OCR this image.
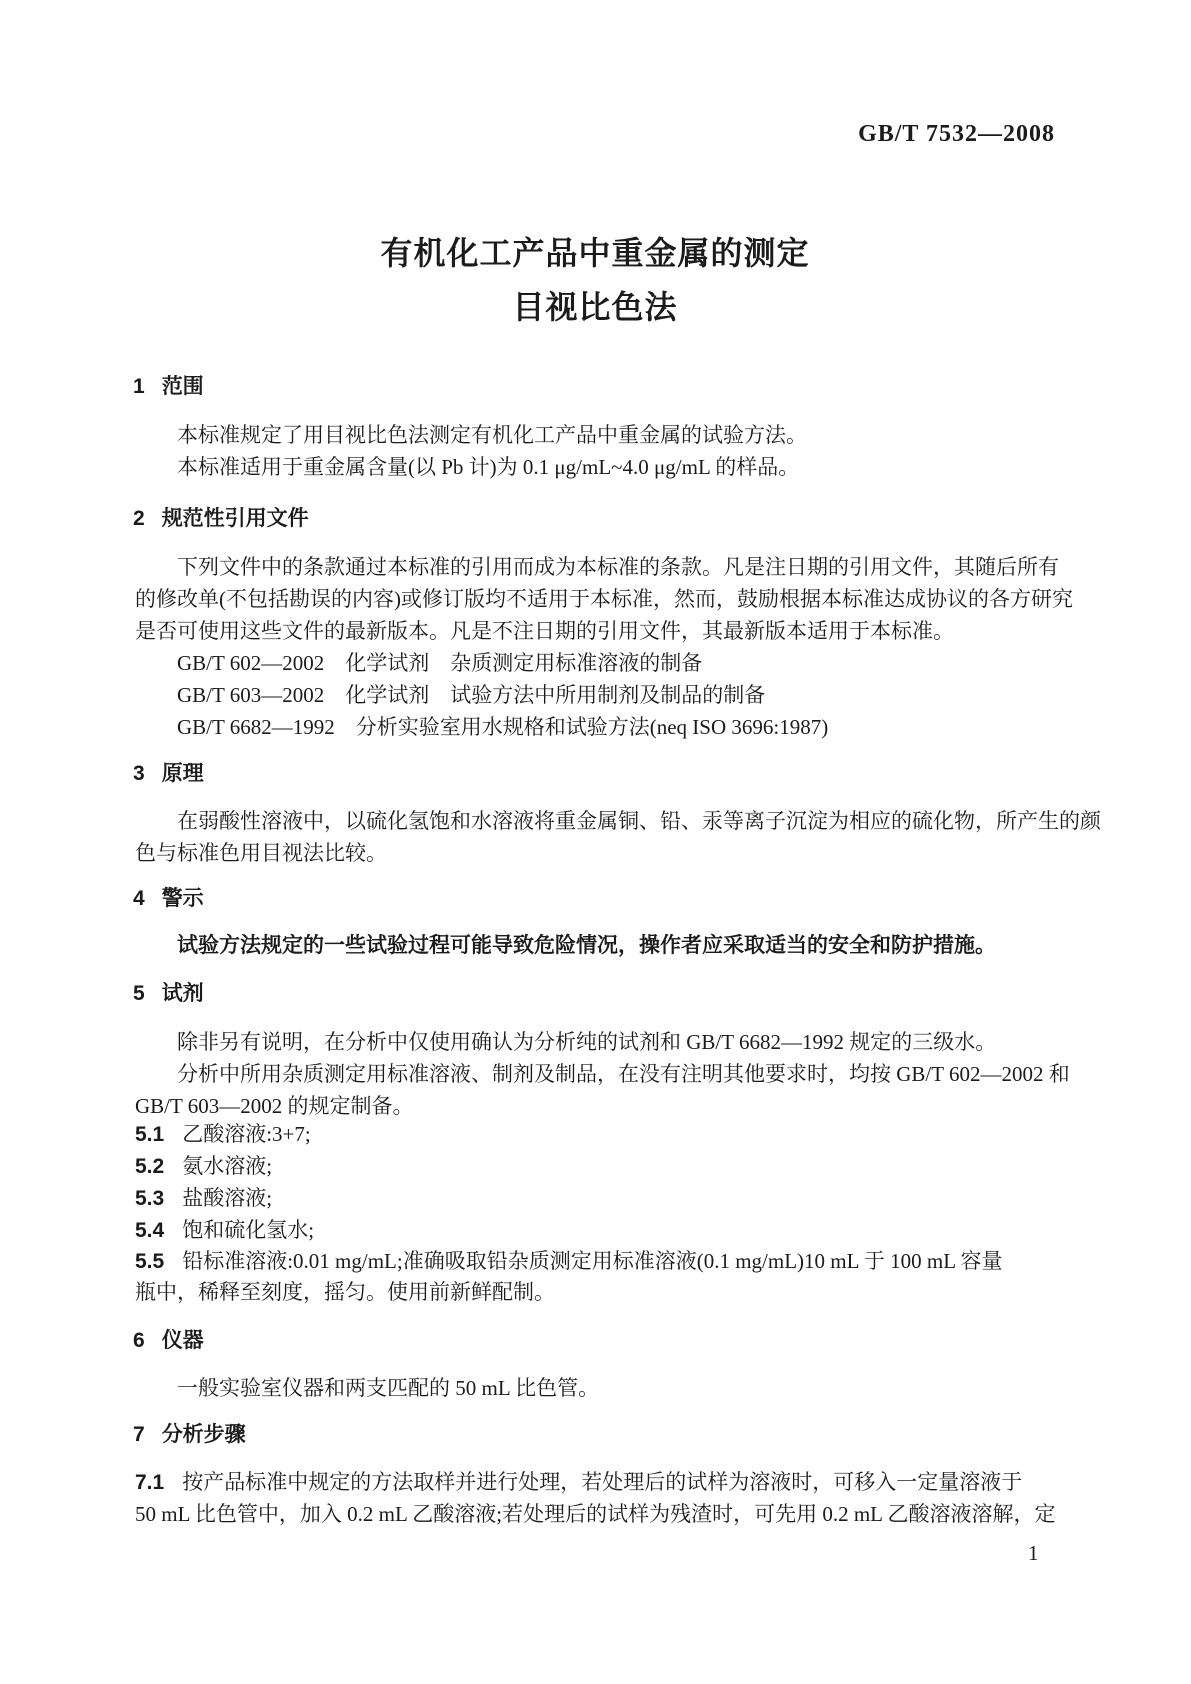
GB/T 7532—2008
有机化工产品中重金属的测定
目视比色法
1 范围
本标准规定了用目视比色法测定有机化工产品中重金属的试验方法。
本标准适用于重金属含量(以 Pb 计)为 0.1 μg/mL~4.0 μg/mL 的样品。
2 规范性引用文件
下列文件中的条款通过本标准的引用而成为本标准的条款。凡是注日期的引用文件，其随后所有
的修改单(不包括勘误的内容)或修订版均不适用于本标准，然而，鼓励根据本标准达成协议的各方研究
是否可使用这些文件的最新版本。凡是不注日期的引用文件，其最新版本适用于本标准。
GB/T 602—2002　化学试剂　杂质测定用标准溶液的制备
GB/T 603—2002　化学试剂　试验方法中所用制剂及制品的制备
GB/T 6682—1992　分析实验室用水规格和试验方法(neq ISO 3696:1987)
3 原理
在弱酸性溶液中，以硫化氢饱和水溶液将重金属铜、铅、汞等离子沉淀为相应的硫化物，所产生的颜
色与标准色用目视法比较。
4 警示
试验方法规定的一些试验过程可能导致危险情况，操作者应采取适当的安全和防护措施。
5 试剂
除非另有说明，在分析中仅使用确认为分析纯的试剂和 GB/T 6682—1992 规定的三级水。
分析中所用杂质测定用标准溶液、制剂及制品，在没有注明其他要求时，均按 GB/T 602—2002 和
GB/T 603—2002 的规定制备。
5.1 乙酸溶液:3+7;
5.2 氨水溶液;
5.3 盐酸溶液;
5.4 饱和硫化氢水;
5.5 铅标准溶液:0.01 mg/mL;准确吸取铅杂质测定用标准溶液(0.1 mg/mL)10 mL 于 100 mL 容量
瓶中，稀释至刻度，摇匀。使用前新鲜配制。
6 仪器
一般实验室仪器和两支匹配的 50 mL 比色管。
7 分析步骤
7.1 按产品标准中规定的方法取样并进行处理，若处理后的试样为溶液时，可移入一定量溶液于
50 mL 比色管中，加入 0.2 mL 乙酸溶液;若处理后的试样为残渣时，可先用 0.2 mL 乙酸溶液溶解，定
1
